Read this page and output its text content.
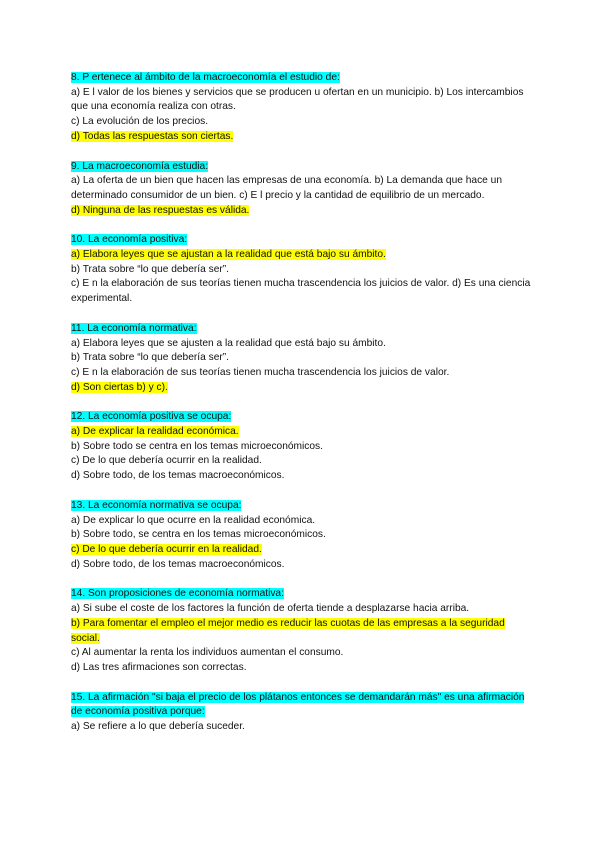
8. P ertenece al ámbito de la macroeconomía el estudio de:

a) E l valor de los bienes y servicios que se producen u ofertan en un municipio. b) Los intercambios que una economía realiza con otras.

c) La evolución de los precios.

d) Todas las respuestas son ciertas.

9. La macroeconomía estudia:

a) La oferta de un bien que hacen las empresas de una economía. b) La demanda que hace un determinado consumidor de un bien. c) E l precio y la cantidad de equilibrio de un mercado.

d) Ninguna de las respuestas es válida.

10. La economía positiva:

a) Elabora leyes que se ajustan a la realidad que está bajo su ámbito.

b) Trata sobre “lo que debería ser”.

c) E n la elaboración de sus teorías tienen mucha trascendencia los juicios de valor. d) Es una ciencia experimental.

11. La economía normativa:

a) Elabora leyes que se ajusten a la realidad que está bajo su ámbito.

b) Trata sobre “lo que debería ser”.

c) E n la elaboración de sus teorías tienen mucha trascendencia los juicios de valor.

d) Son ciertas b) y c).

12. La economía positiva se ocupa:

a) De explicar la realidad económica.

b) Sobre todo se centra en los temas microeconómicos.

c) De lo que debería ocurrir en la realidad.

d) Sobre todo, de los temas macroeconómicos.

13. La economía normativa se ocupa:

a) De explicar lo que ocurre en la realidad económica.

b) Sobre todo, se centra en los temas microeconómicos.

c) De lo que debería ocurrir en la realidad.

d) Sobre todo, de los temas macroeconómicos.

14. Son proposiciones de economía normativa:

a) Si sube el coste de los factores la función de oferta tiende a desplazarse hacia arriba.

b) Para fomentar el empleo el mejor medio es reducir las cuotas de las empresas a la seguridad social.

c) Al aumentar la renta los individuos aumentan el consumo.

d) Las tres afirmaciones son correctas.

15. La afirmación "si baja el precio de los plátanos entonces se demandarán más" es una afirmación de economía positiva porque:

a) Se refiere a lo que debería suceder.
